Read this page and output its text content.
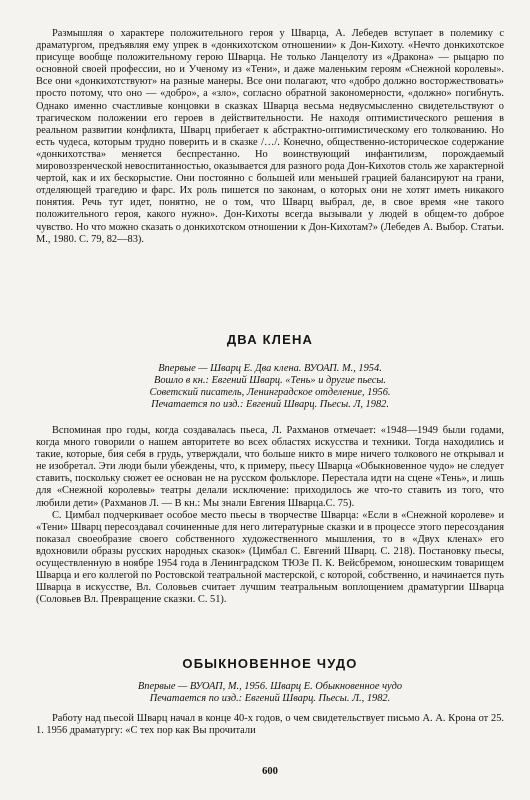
Размышляя о характере положительного героя у Шварца, А. Лебедев вступает в полемику с драматургом, предъявляя ему упрек в «донкихотском отношении» к Дон-Кихоту. «Нечто донкихотское присуще вообще положительному герою Шварца. Не только Ланцелоту из «Дракона» — рыцарю по основной своей профессии, но и Ученому из «Тени», и даже маленьким героям «Снежной королевы». Все они «донкихотствуют» на разные манеры. Все они полагают, что «добро должно восторжествовать» просто потому, что оно — «добро», а «зло», согласно обратной закономерности, «должно» погибнуть. Однако именно счастливые концовки в сказках Шварца весьма недвусмысленно свидетельствуют о трагическом положении его героев в действительности. Не находя оптимистического решения в реальном развитии конфликта, Шварц прибегает к абстрактно-оптимистическому его толкованию. Но есть чудеса, которым трудно поверить и в сказке /…/. Конечно, общественно-историческое содержание «донкихотства» меняется беспрестанно. Но воинствующий инфантилизм, порождаемый мировоззренческой невоспитанностью, оказывается для разного рода Дон-Кихотов столь же характерной чертой, как и их бескорыстие. Они постоянно с большей или меньшей грацией балансируют на грани, отделяющей трагедию и фарс. Их роль пишется по законам, о которых они не хотят иметь никакого понятия. Речь тут идет, понятно, не о том, что Шварц выбрал, де, в свое время «не такого положительного героя, какого нужно». Дон-Кихоты всегда вызывали у людей в общем-то доброе чувство. Но что можно сказать о донкихотском отношении к Дон-Кихотам?» (Лебедев А. Выбор. Статьи. М., 1980. С. 79, 82—83).

ДВА КЛЕНА

Впервые — Шварц Е. Два клена. ВУОАП. М., 1954.

Вошло в кн.: Евгений Шварц. «Тень» и другие пьесы.

Советский писатель, Ленинградское отделение, 1956.

Печатается по изд.: Евгений Шварц. Пьесы. Л, 1982.

Вспоминая про годы, когда создавалась пьеса, Л. Рахманов отмечает: «1948—1949 были годами, когда много говорили о нашем авторитете во всех областях искусства и техники. Тогда находились и такие, которые, бия себя в грудь, утверждали, что больше никто в мире ничего толкового не открывал и не изобретал. Эти люди были убеждены, что, к примеру, пьесу Шварца «Обыкновенное чудо» не следует ставить, поскольку сюжет ее основан не на русском фольклоре. Перестала идти на сцене «Тень», и лишь для «Снежной королевы» театры делали исключение: приходилось же что-то ставить из того, что любили дети» (Рахманов Л. — В кн.: Мы знали Евгения Шварца.С. 75).

С. Цимбал подчеркивает особое место пьесы в творчестве Шварца: «Если в «Снежной королеве» и «Тени» Шварц пересоздавал сочиненные для него литературные сказки и в процессе этого пересоздания показал своеобразие своего собственного художественного мышления, то в «Двух кленах» его вдохновили образы русских народных сказок» (Цимбал С. Евгений Шварц. С. 218). Постановку пьесы, осуществленную в ноябре 1954 года в Ленинградском ТЮЗе П. К. Вейсбремом, юношеским товарищем Шварца и его коллегой по Ростовской театральной мастерской, с которой, собственно, и начинается путь Шварца в искусстве, Вл. Соловьев считает лучшим театральным воплощением драматургии Шварца (Соловьев Вл. Превращение сказки. С. 51).

ОБЫКНОВЕННОЕ ЧУДО

Впервые — ВУОАП, М., 1956. Шварц Е. Обыкновенное чудо

Печатается по изд.: Евгений Шварц. Пьесы. Л., 1982.

Работу над пьесой Шварц начал в конце 40-х годов, о чем свидетельствует письмо А. А. Крона от 25. 1. 1956 драматургу: «С тех пор как Вы прочитали

600
